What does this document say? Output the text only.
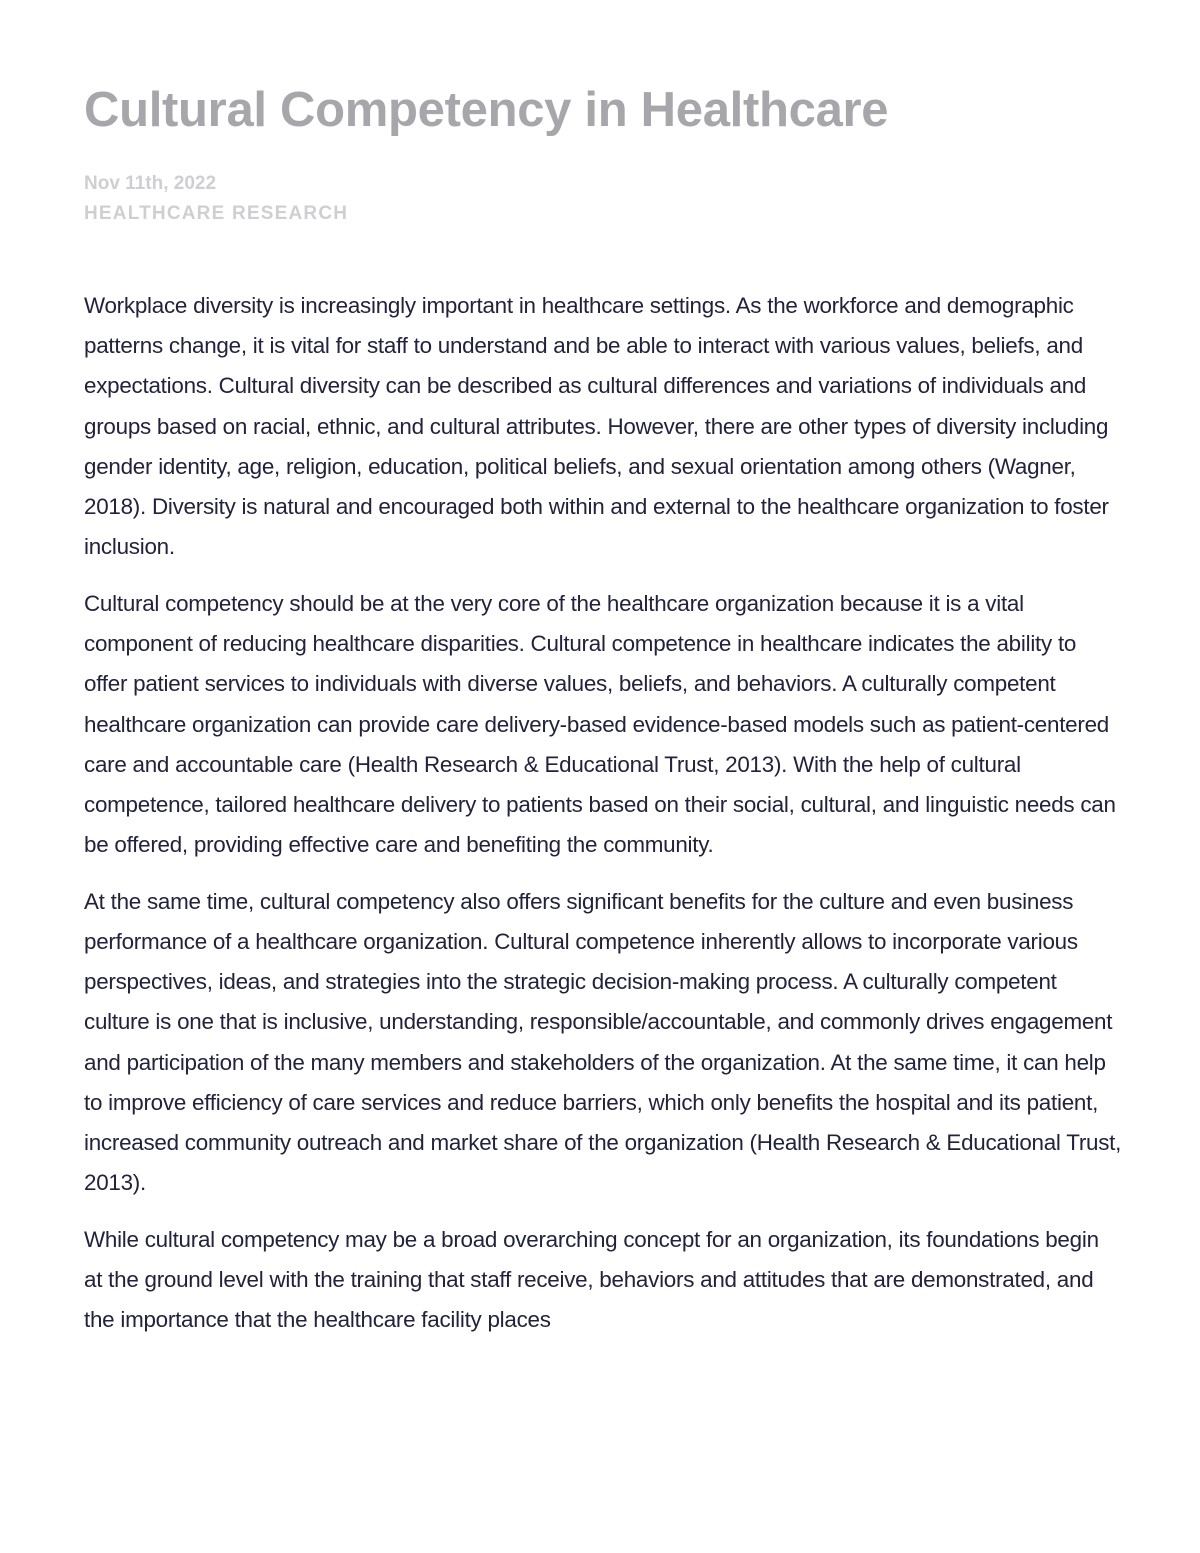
Cultural Competency in Healthcare
Nov 11th, 2022
HEALTHCARE RESEARCH

Workplace diversity is increasingly important in healthcare settings. As the workforce and demographic patterns change, it is vital for staff to understand and be able to interact with various values, beliefs, and expectations. Cultural diversity can be described as cultural differences and variations of individuals and groups based on racial, ethnic, and cultural attributes. However, there are other types of diversity including gender identity, age, religion, education, political beliefs, and sexual orientation among others (Wagner, 2018). Diversity is natural and encouraged both within and external to the healthcare organization to foster inclusion.

Cultural competency should be at the very core of the healthcare organization because it is a vital component of reducing healthcare disparities. Cultural competence in healthcare indicates the ability to offer patient services to individuals with diverse values, beliefs, and behaviors. A culturally competent healthcare organization can provide care delivery-based evidence-based models such as patient-centered care and accountable care (Health Research & Educational Trust, 2013). With the help of cultural competence, tailored healthcare delivery to patients based on their social, cultural, and linguistic needs can be offered, providing effective care and benefiting the community.

At the same time, cultural competency also offers significant benefits for the culture and even business performance of a healthcare organization. Cultural competence inherently allows to incorporate various perspectives, ideas, and strategies into the strategic decision-making process. A culturally competent culture is one that is inclusive, understanding, responsible/accountable, and commonly drives engagement and participation of the many members and stakeholders of the organization. At the same time, it can help to improve efficiency of care services and reduce barriers, which only benefits the hospital and its patient, increased community outreach and market share of the organization (Health Research & Educational Trust, 2013).

While cultural competency may be a broad overarching concept for an organization, its foundations begin at the ground level with the training that staff receive, behaviors and attitudes that are demonstrated, and the importance that the healthcare facility places
